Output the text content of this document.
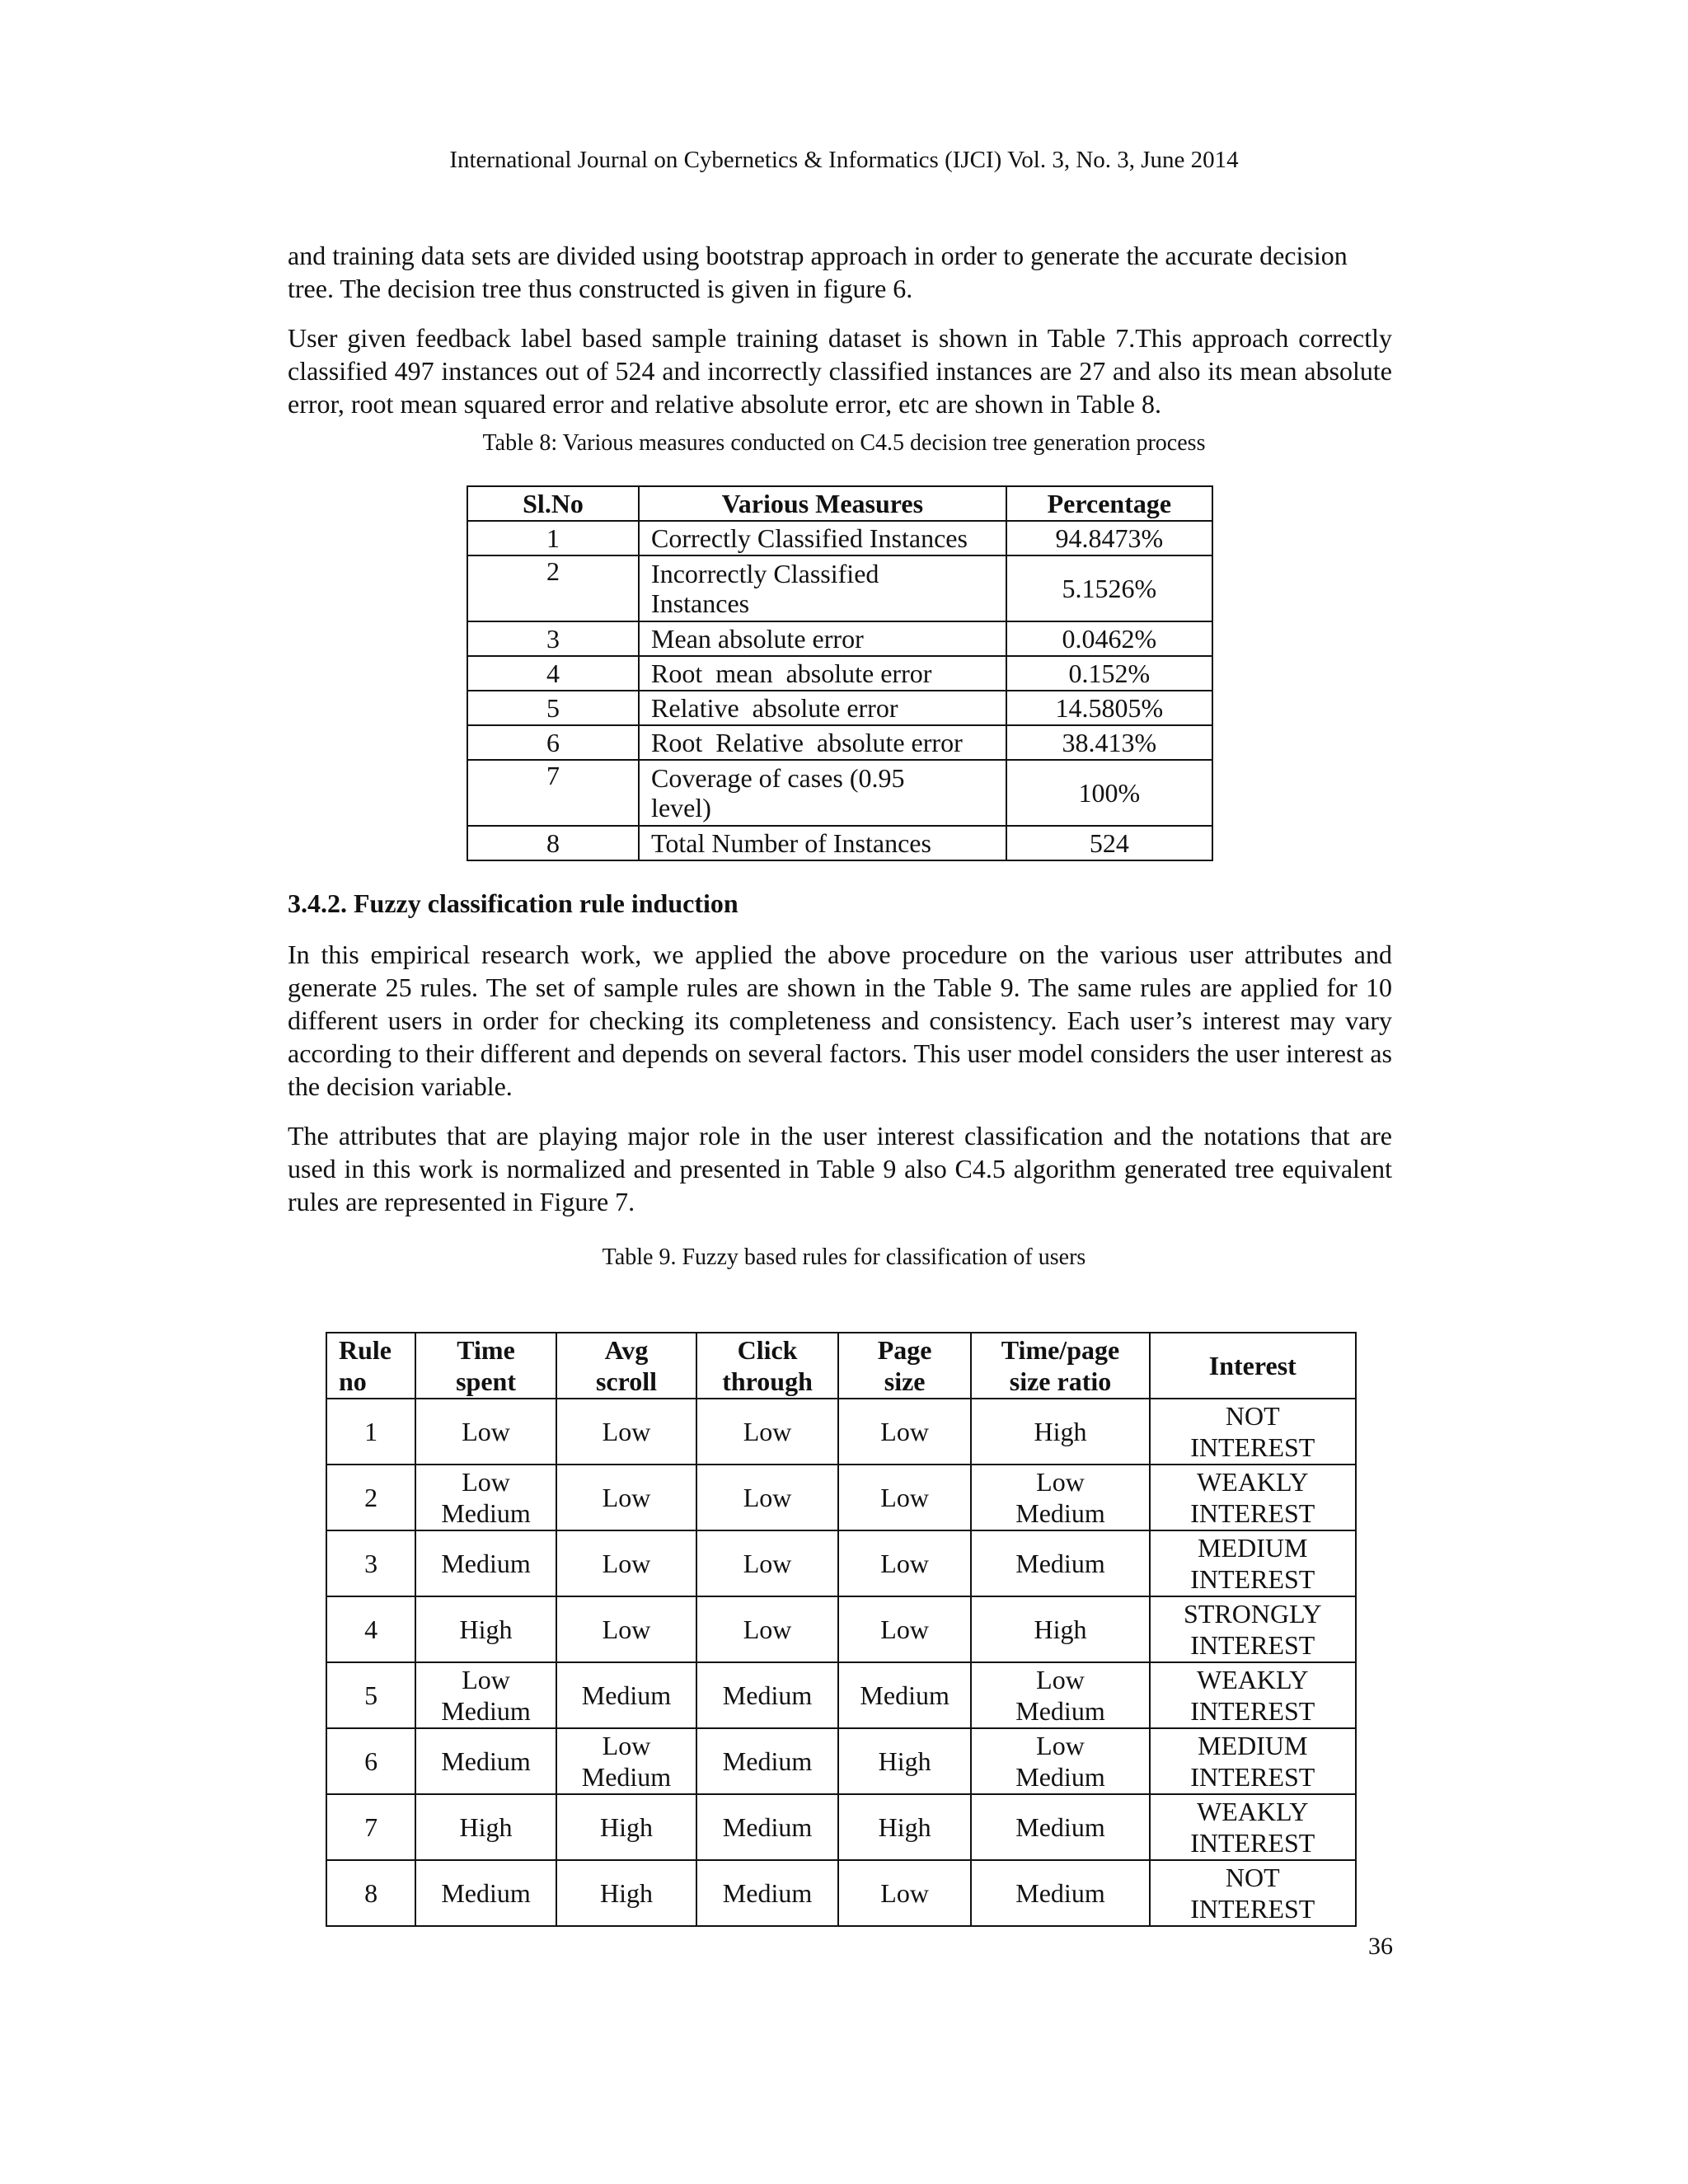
International Journal on Cybernetics & Informatics (IJCI) Vol. 3, No. 3, June 2014

and training data sets are divided using bootstrap approach in order to generate the accurate decision tree. The decision tree thus constructed is given in figure 6.

User given feedback label based sample training dataset is shown in Table 7.This approach correctly classified 497 instances out of 524 and incorrectly classified instances are 27 and also its mean absolute error, root mean squared error and relative absolute error, etc are shown in Table 8.

Table 8: Various measures conducted on C4.5 decision tree generation process
Sl.No	Various Measures	Percentage
1	Correctly Classified Instances	94.8473%
2	Incorrectly Classified Instances	5.1526%
3	Mean absolute error	0.0462%
4	Root  mean  absolute error	0.152%
5	Relative  absolute error	14.5805%
6	Root  Relative  absolute error	38.413%
7	Coverage of cases (0.95 level)	100%
8	Total Number of Instances	524
3.4.2. Fuzzy classification rule induction

In this empirical research work, we applied the above procedure on the various user attributes and generate 25 rules. The set of sample rules are shown in the Table 9. The same rules are applied for 10 different users in order for checking its completeness and consistency. Each user’s interest may vary according to their different and depends on several factors. This user model considers the user interest as the decision variable.

The attributes that are playing major role in the user interest classification and the notations that are used in this work is normalized and presented in Table 9 also C4.5 algorithm generated tree equivalent rules are represented in Figure 7.

Table 9. Fuzzy based rules for classification of users
Rule no	Time spent	Avg scroll	Click through	Page size	Time/page size ratio	Interest
1	Low	Low	Low	Low	High	NOT INTEREST
2	Low Medium	Low	Low	Low	Low Medium	WEAKLY INTEREST
3	Medium	Low	Low	Low	Medium	MEDIUM INTEREST
4	High	Low	Low	Low	High	STRONGLY INTEREST
5	Low Medium	Medium	Medium	Medium	Low Medium	WEAKLY INTEREST
6	Medium	Low Medium	Medium	High	Low Medium	MEDIUM INTEREST
7	High	High	Medium	High	Medium	WEAKLY INTEREST
8	Medium	High	Medium	Low	Medium	NOT INTEREST
36
